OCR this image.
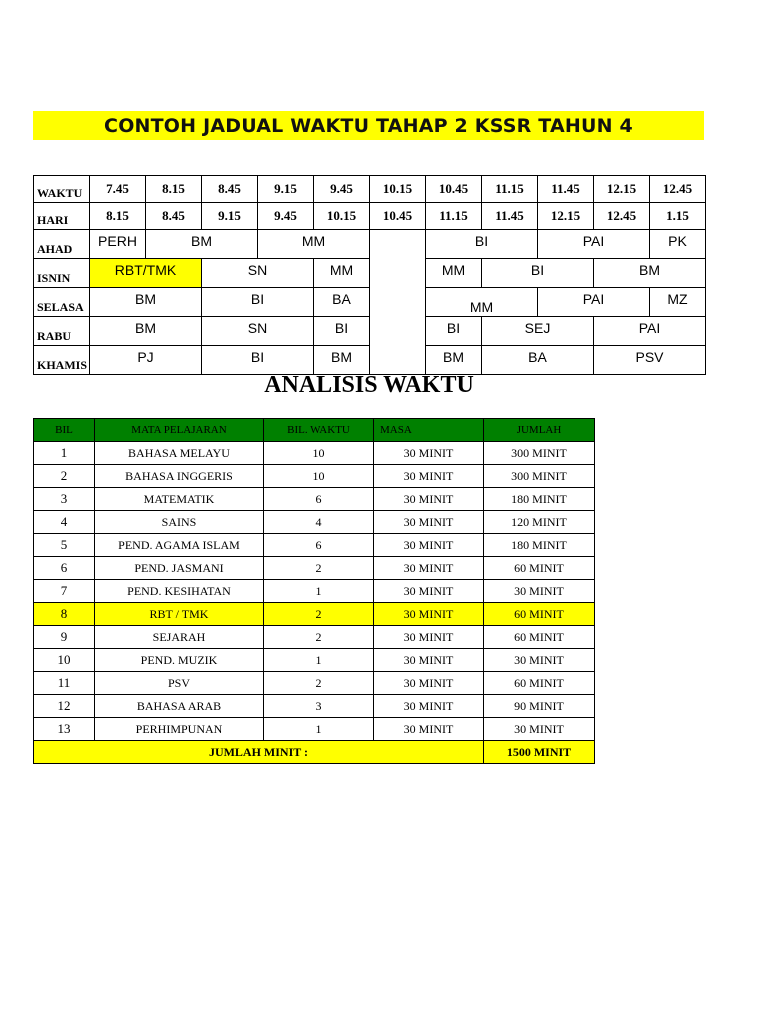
CONTOH JADUAL WAKTU TAHAP 2 KSSR TAHUN 4
WAKTU	7.45	8.15	8.45	9.15	9.45	10.15	10.45	11.15	11.45	12.15	12.45
HARI	8.15	8.45	9.15	9.45	10.15	10.45	11.15	11.45	12.15	12.45	1.15
AHAD	PERH	BM		MM			BI		PAI		PK
ISNIN	RBT/TMK		SN		MM		MM	BI		BM	
SELASA	BM		BI		BA		MM		PAI		MZ
RABU	BM		SN		BI		BI	SEJ		PAI	
KHAMIS	PJ		BI		BM		BM	BA		PSV	
ANALISIS WAKTU
BIL	MATA PELAJARAN	BIL. WAKTU	MASA	JUMLAH
1	BAHASA MELAYU	10	30 MINIT	300 MINIT
2	BAHASA INGGERIS	10	30 MINIT	300 MINIT
3	MATEMATIK	6	30 MINIT	180 MINIT
4	SAINS	4	30 MINIT	120 MINIT
5	PEND. AGAMA ISLAM	6	30 MINIT	180 MINIT
6	PEND. JASMANI	2	30 MINIT	60 MINIT
7	PEND. KESIHATAN	1	30 MINIT	30 MINIT
8	RBT / TMK	2	30 MINIT	60 MINIT
9	SEJARAH	2	30 MINIT	60 MINIT
10	PEND. MUZIK	1	30 MINIT	30 MINIT
11	PSV	2	30 MINIT	60 MINIT
12	BAHASA ARAB	3	30 MINIT	90 MINIT
13	PERHIMPUNAN	1	30 MINIT	30 MINIT
JUMLAH MINIT :				1500 MINIT
